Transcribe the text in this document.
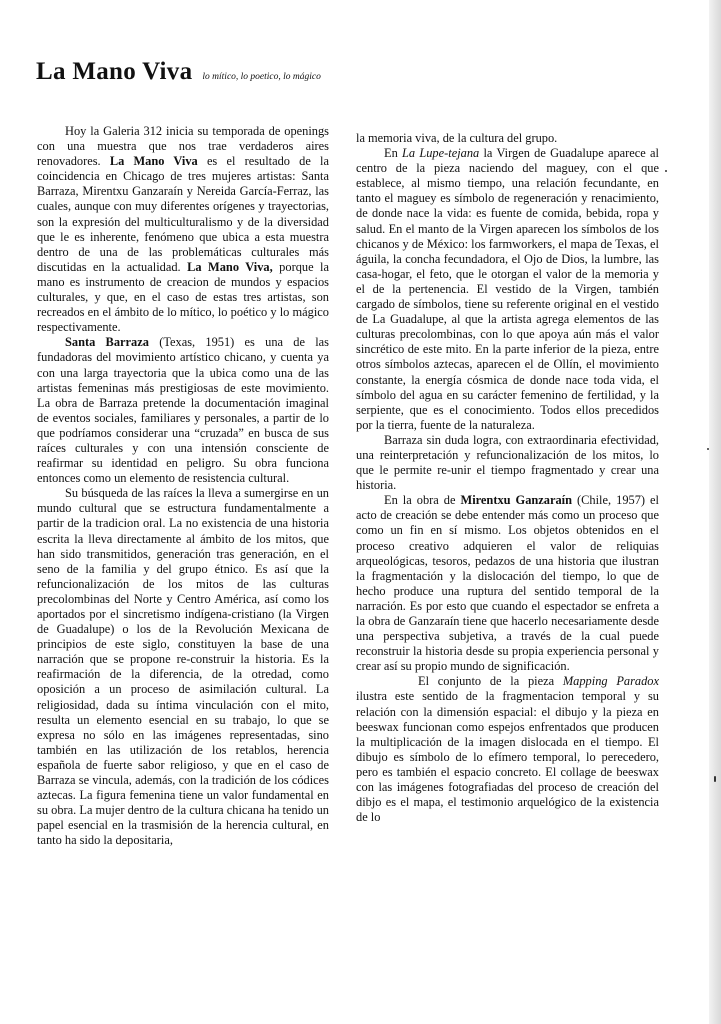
La Mano Viva lo mítico, lo poetico, lo mágico

Hoy la Galeria 312 inicia su temporada de openings con una muestra que nos trae verdaderos aires renovadores. La Mano Viva es el resultado de la coincidencia en Chicago de tres mujeres artistas: Santa Barraza, Mirentxu Ganzaraín y Nereida García-Ferraz, las cuales, aunque con muy diferentes orígenes y trayectorias, son la expresión del multiculturalismo y de la diversidad que le es inherente, fenómeno que ubica a esta muestra dentro de una de las problemáticas culturales más discutidas en la actualidad. La Mano Viva, porque la mano es instrumento de creacion de mundos y espacios culturales, y que, en el caso de estas tres artistas, son recreados en el ámbito de lo mítico, lo poético y lo mágico respectivamente.

Santa Barraza (Texas, 1951) es una de las fundadoras del movimiento artístico chicano, y cuenta ya con una larga trayectoria que la ubica como una de las artistas femeninas más prestigiosas de este movimiento. La obra de Barraza pretende la documentación imaginal de eventos sociales, familiares y personales, a partir de lo que podríamos considerar una “cruzada” en busca de sus raíces culturales y con una intensión consciente de reafirmar su identidad en peligro. Su obra funciona entonces como un elemento de resistencia cultural.

Su búsqueda de las raíces la lleva a sumergirse en un mundo cultural que se estructura fundamentalmente a partir de la tradicion oral. La no existencia de una historia escrita la lleva directamente al ámbito de los mitos, que han sido transmitidos, generación tras generación, en el seno de la familia y del grupo étnico. Es así que la refuncionalización de los mitos de las culturas precolombinas del Norte y Centro América, así como los aportados por el sincretismo indígena-cristiano (la Virgen de Guadalupe) o los de la Revolución Mexicana de principios de este siglo, constituyen la base de una narración que se propone re-construir la historia. Es la reafirmación de la diferencia, de la otredad, como oposición a un proceso de asimilación cultural. La religiosidad, dada su íntima vinculación con el mito, resulta un elemento esencial en su trabajo, lo que se expresa no sólo en las imágenes representadas, sino también en las utilización de los retablos, herencia española de fuerte sabor religioso, y que en el caso de Barraza se vincula, además, con la tradición de los códices aztecas. La figura femenina tiene un valor fundamental en su obra. La mujer dentro de la cultura chicana ha tenido un papel esencial en la trasmisión de la herencia cultural, en tanto ha sido la depositaria,

la memoria viva, de la cultura del grupo.

En La Lupe-tejana la Virgen de Guadalupe aparece al centro de la pieza naciendo del maguey, con el que establece, al mismo tiempo, una relación fecundante, en tanto el maguey es símbolo de regeneración y renacimiento, de donde nace la vida: es fuente de comida, bebida, ropa y salud. En el manto de la Virgen aparecen los símbolos de los chicanos y de México: los farmworkers, el mapa de Texas, el águila, la concha fecundadora, el Ojo de Dios, la lumbre, las casa-hogar, el feto, que le otorgan el valor de la memoria y el de la pertenencia. El vestido de la Virgen, también cargado de símbolos, tiene su referente original en el vestido de La Guadalupe, al que la artista agrega elementos de las culturas precolombinas, con lo que apoya aún más el valor sincrético de este mito. En la parte inferior de la pieza, entre otros símbolos aztecas, aparecen el de Ollín, el movimiento constante, la energía cósmica de donde nace toda vida, el símbolo del agua en su carácter femenino de fertilidad, y la serpiente, que es el conocimiento. Todos ellos precedidos por la tierra, fuente de la naturaleza.

Barraza sin duda logra, con extraordinaria efectividad, una reinterpretación y refuncionalización de los mitos, lo que le permite re-unir el tiempo fragmentado y crear una historia.

En la obra de Mirentxu Ganzaraín (Chile, 1957) el acto de creación se debe entender más como un proceso que como un fin en sí mismo. Los objetos obtenidos en el proceso creativo adquieren el valor de reliquias arqueológicas, tesoros, pedazos de una historia que ilustran la fragmentación y la dislocación del tiempo, lo que de hecho produce una ruptura del sentido temporal de la narración. Es por esto que cuando el espectador se enfreta a la obra de Ganzaraín tiene que hacerlo necesariamente desde una perspectiva subjetiva, a través de la cual puede reconstruir la historia desde su propia experiencia personal y crear así su propio mundo de significación.

El conjunto de la pieza Mapping Paradox ilustra este sentido de la fragmentacion temporal y su relación con la dimensión espacial: el dibujo y la pieza en beeswax funcionan como espejos enfrentados que producen la multiplicación de la imagen dislocada en el tiempo. El dibujo es símbolo de lo efímero temporal, lo perecedero, pero es también el espacio concreto. El collage de beeswax con las imágenes fotografiadas del proceso de creación del dibjo es el mapa, el testimonio arquelógico de la existencia de lo
